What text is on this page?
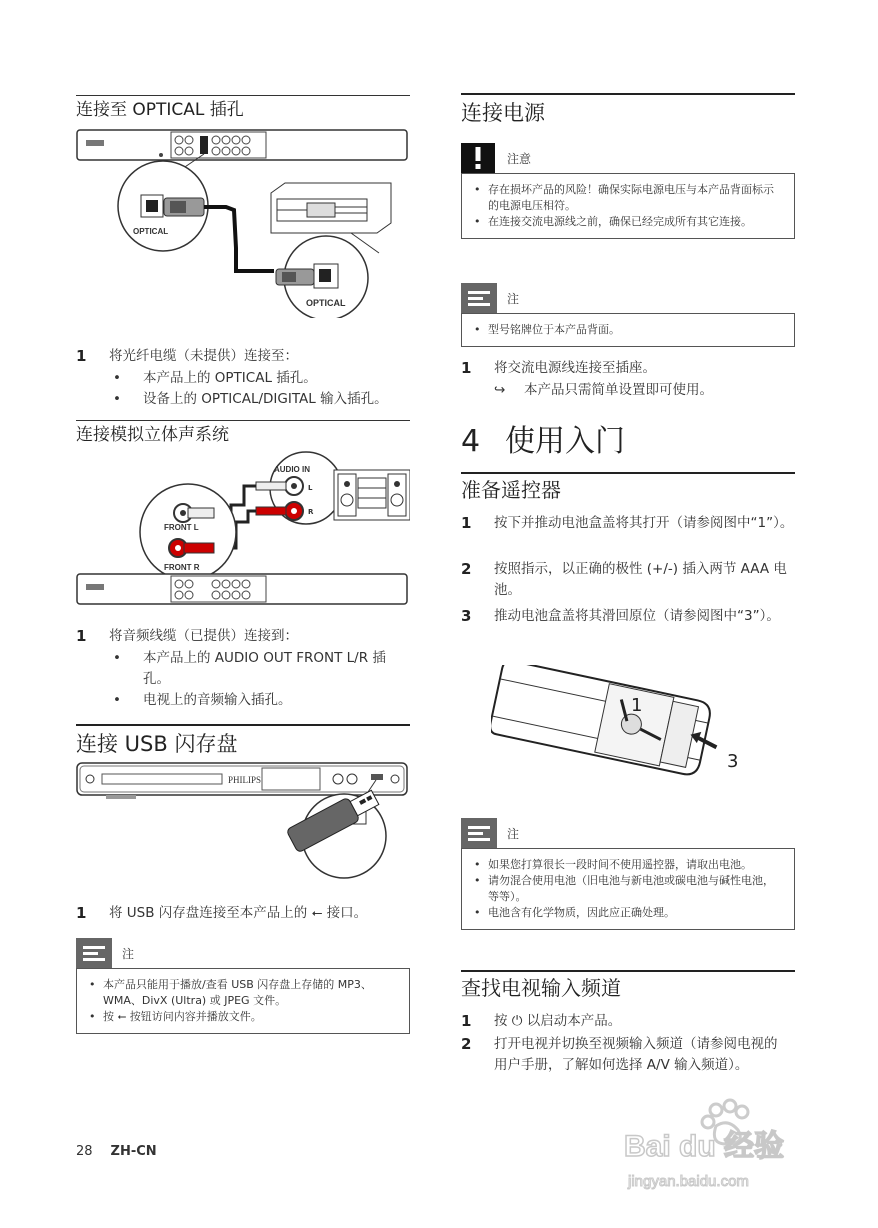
连接至 OPTICAL 插孔
OPTICAL
OPTICAL
1 将光纤电缆（未提供）连接至：
• 本产品上的 OPTICAL 插孔。
• 设备上的 OPTICAL/DIGITAL 输入插孔。
连接模拟立体声系统
AUDIO IN
L
R
FRONT L
FRONT R
1 将音频线缆（已提供）连接到：
• 本产品上的 AUDIO OUT FRONT L/R 插孔。
• 电视上的音频输入插孔。
连接 USB 闪存盘
PHILIPS
1 将 USB 闪存盘连接至本产品上的 ⭠ 接口。
注
• 本产品只能用于播放/查看 USB 闪存盘上存储的 MP3、WMA、DivX (Ultra) 或 JPEG 文件。
• 按 ⭠ 按钮访问内容并播放文件。
连接电源
注意
• 存在损坏产品的风险！确保实际电源电压与本产品背面标示的电源电压相符。
• 在连接交流电源线之前，确保已经完成所有其它连接。
注
• 型号铭牌位于本产品背面。
1 将交流电源线连接至插座。
↪ 本产品只需简单设置即可使用。
4 使用入门
准备遥控器
1 按下并推动电池盒盖将其打开（请参阅图中“1”）。
2 按照指示，以正确的极性 (+/-) 插入两节 AAA 电池。
3 推动电池盒盖将其滑回原位（请参阅图中“3”）。
1
3
注
• 如果您打算很长一段时间不使用遥控器，请取出电池。
• 请勿混合使用电池（旧电池与新电池或碳电池与碱性电池，等等）。
• 电池含有化学物质，因此应正确处理。
查找电视输入频道
1 按 ⏻ 以启动本产品。
2 打开电视并切换至视频输入频道（请参阅电视的用户手册，了解如何选择 A/V 输入频道）。
28 ZH-CN	Bai du 经验
jingyan.baidu.com
